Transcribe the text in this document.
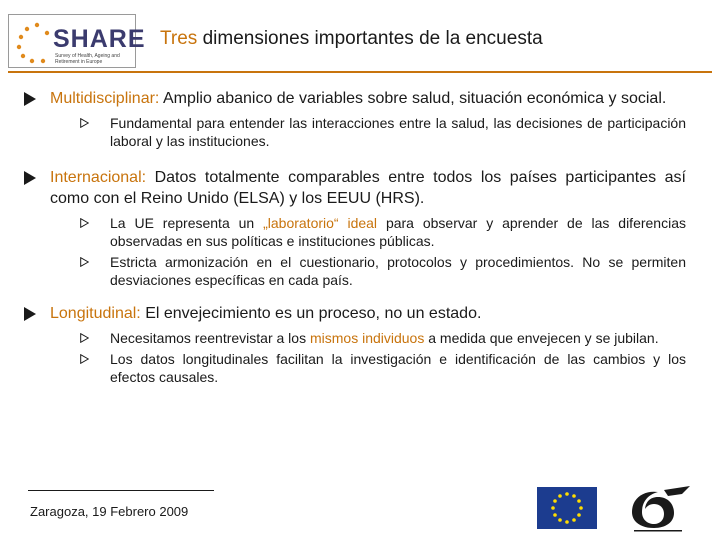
SHARE
Survey of Health, Ageing and Retirement in Europe
Tres dimensiones importantes de la encuesta
Multidisciplinar: Amplio abanico de variables sobre salud, situación económica y social.
Fundamental para entender las interacciones entre la salud, las decisiones de participación laboral y las instituciones.
Internacional: Datos totalmente comparables entre todos los países participantes así como con el Reino Unido (ELSA) y los EEUU (HRS).
La UE representa un „laboratorio“ ideal para observar y aprender de las diferencias observadas en sus políticas e instituciones públicas.
Estricta armonización en el cuestionario, protocolos y procedimientos. No se permiten desviaciones específicas en cada país.
Longitudinal: El envejecimiento es un proceso, no un estado.
Necesitamos reentrevistar a los mismos individuos a medida que envejecen y se jubilan.
Los datos longitudinales facilitan la investigación e identificación de las cambios y los efectos causales.
Zaragoza, 19 Febrero 2009
